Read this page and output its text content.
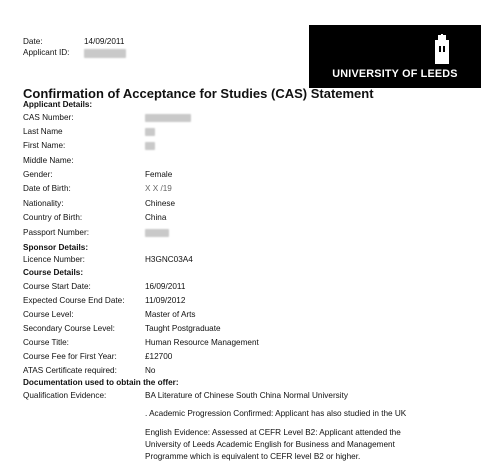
Date:	14/09/2011
Applicant ID:
UNIVERSITY OF LEEDS
Confirmation of Acceptance for Studies (CAS) Statement
Applicant Details:
CAS Number:
Last Name
First Name:
Middle Name:
Gender:	Female
Date of Birth:	X X /19
Nationality:	Chinese
Country of Birth:	China
Passport Number:
Sponsor Details:
Licence Number:	H3GNC03A4
Course Details:
Course Start Date:	16/09/2011
Expected Course End Date:	11/09/2012
Course Level:	Master of Arts
Secondary Course Level:	Taught Postgraduate
Course Title:	Human Resource Management
Course Fee for First Year:	£12700
ATAS Certificate required:	No
Documentation used to obtain the offer:
Qualification Evidence:	BA Literature of Chinese South China Normal University
. Academic Progression Confirmed: Applicant has also studied in the UK
English Evidence: Assessed at CEFR Level B2: Applicant attended the
University of Leeds Academic English for Business and Management
Programme which is equivalent to CEFR level B2 or higher.
